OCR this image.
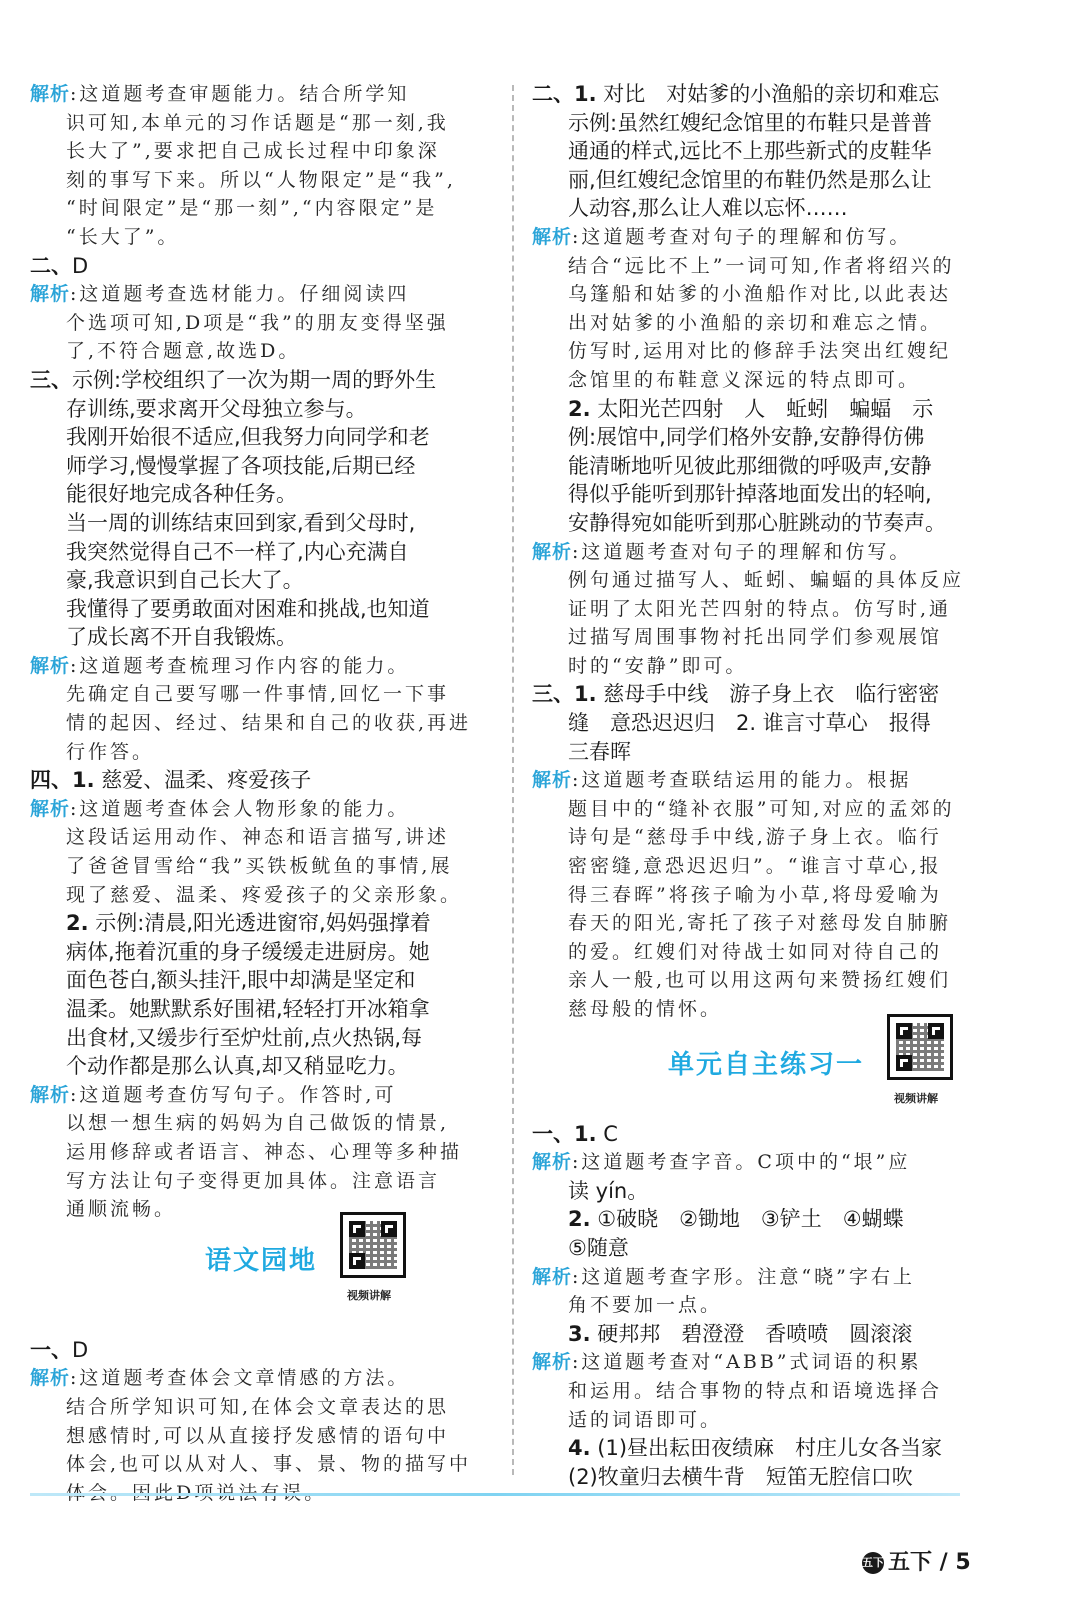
解析:这道题考查审题能力。结合所学知
识可知,本单元的习作话题是“那一刻,我
长大了”,要求把自己成长过程中印象深
刻的事写下来。所以“人物限定”是“我”,
“时间限定”是“那一刻”,“内容限定”是
“长大了”。
二、D
解析:这道题考查选材能力。仔细阅读四
个选项可知,D项是“我”的朋友变得坚强
了,不符合题意,故选D。
三、示例:学校组织了一次为期一周的野外生
存训练,要求离开父母独立参与。
我刚开始很不适应,但我努力向同学和老
师学习,慢慢掌握了各项技能,后期已经
能很好地完成各种任务。
当一周的训练结束回到家,看到父母时,
我突然觉得自己不一样了,内心充满自
豪,我意识到自己长大了。
我懂得了要勇敢面对困难和挑战,也知道
了成长离不开自我锻炼。
解析:这道题考查梳理习作内容的能力。
先确定自己要写哪一件事情,回忆一下事
情的起因、经过、结果和自己的收获,再进
行作答。
四、1. 慈爱、温柔、疼爱孩子
解析:这道题考查体会人物形象的能力。
这段话运用动作、神态和语言描写,讲述
了爸爸冒雪给“我”买铁板鱿鱼的事情,展
现了慈爱、温柔、疼爱孩子的父亲形象。
2. 示例:清晨,阳光透进窗帘,妈妈强撑着
病体,拖着沉重的身子缓缓走进厨房。她
面色苍白,额头挂汗,眼中却满是坚定和
温柔。她默默系好围裙,轻轻打开冰箱拿
出食材,又缓步行至炉灶前,点火热锅,每
个动作都是那么认真,却又稍显吃力。
解析:这道题考查仿写句子。作答时,可
以想一想生病的妈妈为自己做饭的情景,
运用修辞或者语言、神态、心理等多种描
写方法让句子变得更加具体。注意语言
通顺流畅。
一、D
解析:这道题考查体会文章情感的方法。
结合所学知识可知,在体会文章表达的思
想感情时,可以从直接抒发感情的语句中
体会,也可以从对人、事、景、物的描写中
二、1. 对比　对姑爹的小渔船的亲切和难忘
示例:虽然红嫂纪念馆里的布鞋只是普普
通通的样式,远比不上那些新式的皮鞋华
丽,但红嫂纪念馆里的布鞋仍然是那么让
人动容,那么让人难以忘怀……
解析:这道题考查对句子的理解和仿写。
结合“远比不上”一词可知,作者将绍兴的
乌篷船和姑爹的小渔船作对比,以此表达
出对姑爹的小渔船的亲切和难忘之情。
仿写时,运用对比的修辞手法突出红嫂纪
念馆里的布鞋意义深远的特点即可。
2. 太阳光芒四射　人　蚯蚓　蝙蝠　示
例:展馆中,同学们格外安静,安静得仿佛
能清晰地听见彼此那细微的呼吸声,安静
得似乎能听到那针掉落地面发出的轻响,
安静得宛如能听到那心脏跳动的节奏声。
解析:这道题考查对句子的理解和仿写。
例句通过描写人、蚯蚓、蝙蝠的具体反应
证明了太阳光芒四射的特点。仿写时,通
过描写周围事物衬托出同学们参观展馆
时的“安静”即可。
三、1. 慈母手中线　游子身上衣　临行密密
缝　意恐迟迟归　2. 谁言寸草心　报得
三春晖
解析:这道题考查联结运用的能力。根据
题目中的“缝补衣服”可知,对应的孟郊的
诗句是“慈母手中线,游子身上衣。临行
密密缝,意恐迟迟归”。“谁言寸草心,报
得三春晖”将孩子喻为小草,将母爱喻为
春天的阳光,寄托了孩子对慈母发自肺腑
的爱。红嫂们对待战士如同对待自己的
亲人一般,也可以用这两句来赞扬红嫂们
慈母般的情怀。
一、1. C
解析:这道题考查字音。C项中的“垠”应
读 yín。
2. ①破晓　②锄地　③铲土　④蝴蝶
⑤随意
解析:这道题考查字形。注意“晓”字右上
角不要加一点。
3. 硬邦邦　碧澄澄　香喷喷　圆滚滚
解析:这道题考查对“ABB”式词语的积累
和运用。结合事物的特点和语境选择合
适的词语即可。
4. (1)昼出耘田夜绩麻　村庄儿女各当家
(2)牧童归去横牛背　短笛无腔信口吹
语文园地
视频讲解
单元自主练习一
视频讲解
五下 五下 / 5
